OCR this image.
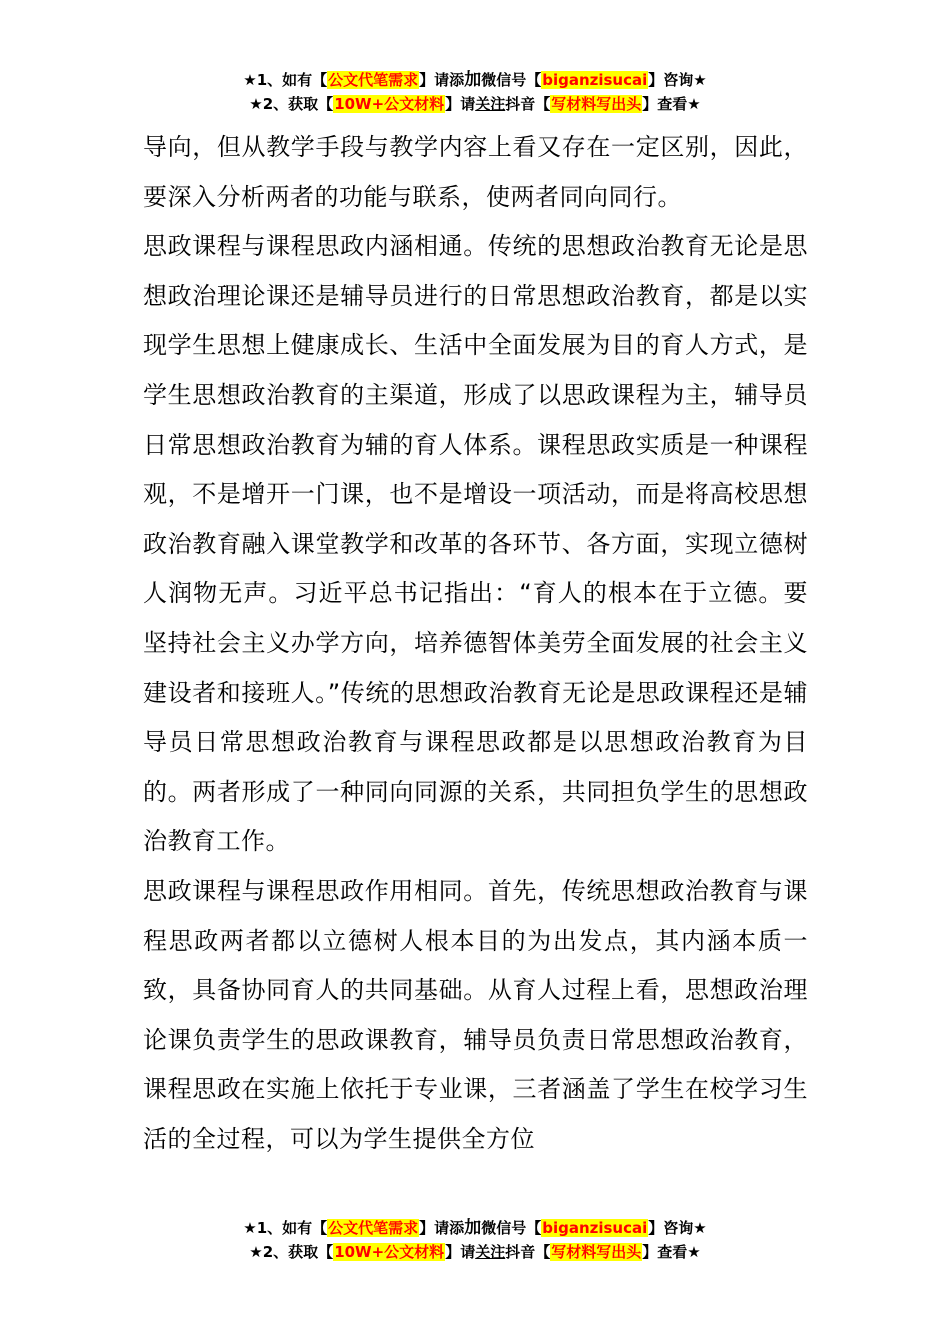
★1、如有【公文代笔需求】请添加微信号【biganzisucai】咨询★
★2、获取【10W+公文材料】请关注抖音【写材料写出头】查看★

导向，但从教学手段与教学内容上看又存在一定区别，因此，要深入分析两者的功能与联系，使两者同向同行。

思政课程与课程思政内涵相通。传统的思想政治教育无论是思想政治理论课还是辅导员进行的日常思想政治教育，都是以实现学生思想上健康成长、生活中全面发展为目的育人方式，是学生思想政治教育的主渠道，形成了以思政课程为主，辅导员日常思想政治教育为辅的育人体系。课程思政实质是一种课程观，不是增开一门课，也不是增设一项活动，而是将高校思想政治教育融入课堂教学和改革的各环节、各方面，实现立德树人润物无声。习近平总书记指出：“育人的根本在于立德。要坚持社会主义办学方向，培养德智体美劳全面发展的社会主义建设者和接班人。”传统的思想政治教育无论是思政课程还是辅导员日常思想政治教育与课程思政都是以思想政治教育为目的。两者形成了一种同向同源的关系，共同担负学生的思想政治教育工作。

思政课程与课程思政作用相同。首先，传统思想政治教育与课程思政两者都以立德树人根本目的为出发点，其内涵本质一致，具备协同育人的共同基础。从育人过程上看，思想政治理论课负责学生的思政课教育，辅导员负责日常思想政治教育，课程思政在实施上依托于专业课，三者涵盖了学生在校学习生活的全过程，可以为学生提供全方位

★1、如有【公文代笔需求】请添加微信号【biganzisucai】咨询★
★2、获取【10W+公文材料】请关注抖音【写材料写出头】查看★
